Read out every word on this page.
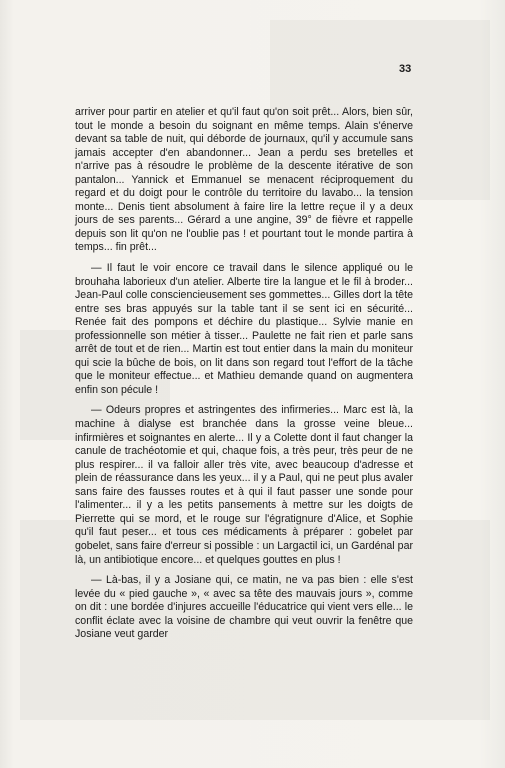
33

arriver pour partir en atelier et qu'il faut qu'on soit prêt... Alors, bien sûr, tout le monde a besoin du soignant en même temps. Alain s'énerve devant sa table de nuit, qui déborde de journaux, qu'il y accumule sans jamais accepter d'en abandonner... Jean a perdu ses bretelles et n'arrive pas à résoudre le problème de la descente itérative de son pantalon... Yannick et Emmanuel se menacent réciproquement du regard et du doigt pour le contrôle du territoire du lavabo... la tension monte... Denis tient absolument à faire lire la lettre reçue il y a deux jours de ses parents... Gérard a une angine, 39° de fièvre et rappelle depuis son lit qu'on ne l'oublie pas ! et pourtant tout le monde partira à temps... fin prêt...

— Il faut le voir encore ce travail dans le silence appliqué ou le brouhaha laborieux d'un atelier. Alberte tire la langue et le fil à broder... Jean-Paul colle consciencieusement ses gommettes... Gilles dort la tête entre ses bras appuyés sur la table tant il se sent ici en sécurité... Renée fait des pompons et déchire du plastique... Sylvie manie en professionnelle son métier à tisser... Paulette ne fait rien et parle sans arrêt de tout et de rien... Martin est tout entier dans la main du moniteur qui scie la bûche de bois, on lit dans son regard tout l'effort de la tâche que le moniteur effectue... et Mathieu demande quand on augmentera enfin son pécule !

— Odeurs propres et astringentes des infirmeries... Marc est là, la machine à dialyse est branchée dans la grosse veine bleue... infirmières et soignantes en alerte... Il y a Colette dont il faut changer la canule de trachéotomie et qui, chaque fois, a très peur, très peur de ne plus respirer... il va falloir aller très vite, avec beaucoup d'adresse et plein de réassurance dans les yeux... il y a Paul, qui ne peut plus avaler sans faire des fausses routes et à qui il faut passer une sonde pour l'alimenter... il y a les petits pansements à mettre sur les doigts de Pierrette qui se mord, et le rouge sur l'égratignure d'Alice, et Sophie qu'il faut peser... et tous ces médicaments à préparer : gobelet par gobelet, sans faire d'erreur si possible : un Largactil ici, un Gardénal par là, un antibiotique encore... et quelques gouttes en plus !

— Là-bas, il y a Josiane qui, ce matin, ne va pas bien : elle s'est levée du « pied gauche », « avec sa tête des mauvais jours », comme on dit : une bordée d'injures accueille l'éducatrice qui vient vers elle... le conflit éclate avec la voisine de chambre qui veut ouvrir la fenêtre que Josiane veut garder
